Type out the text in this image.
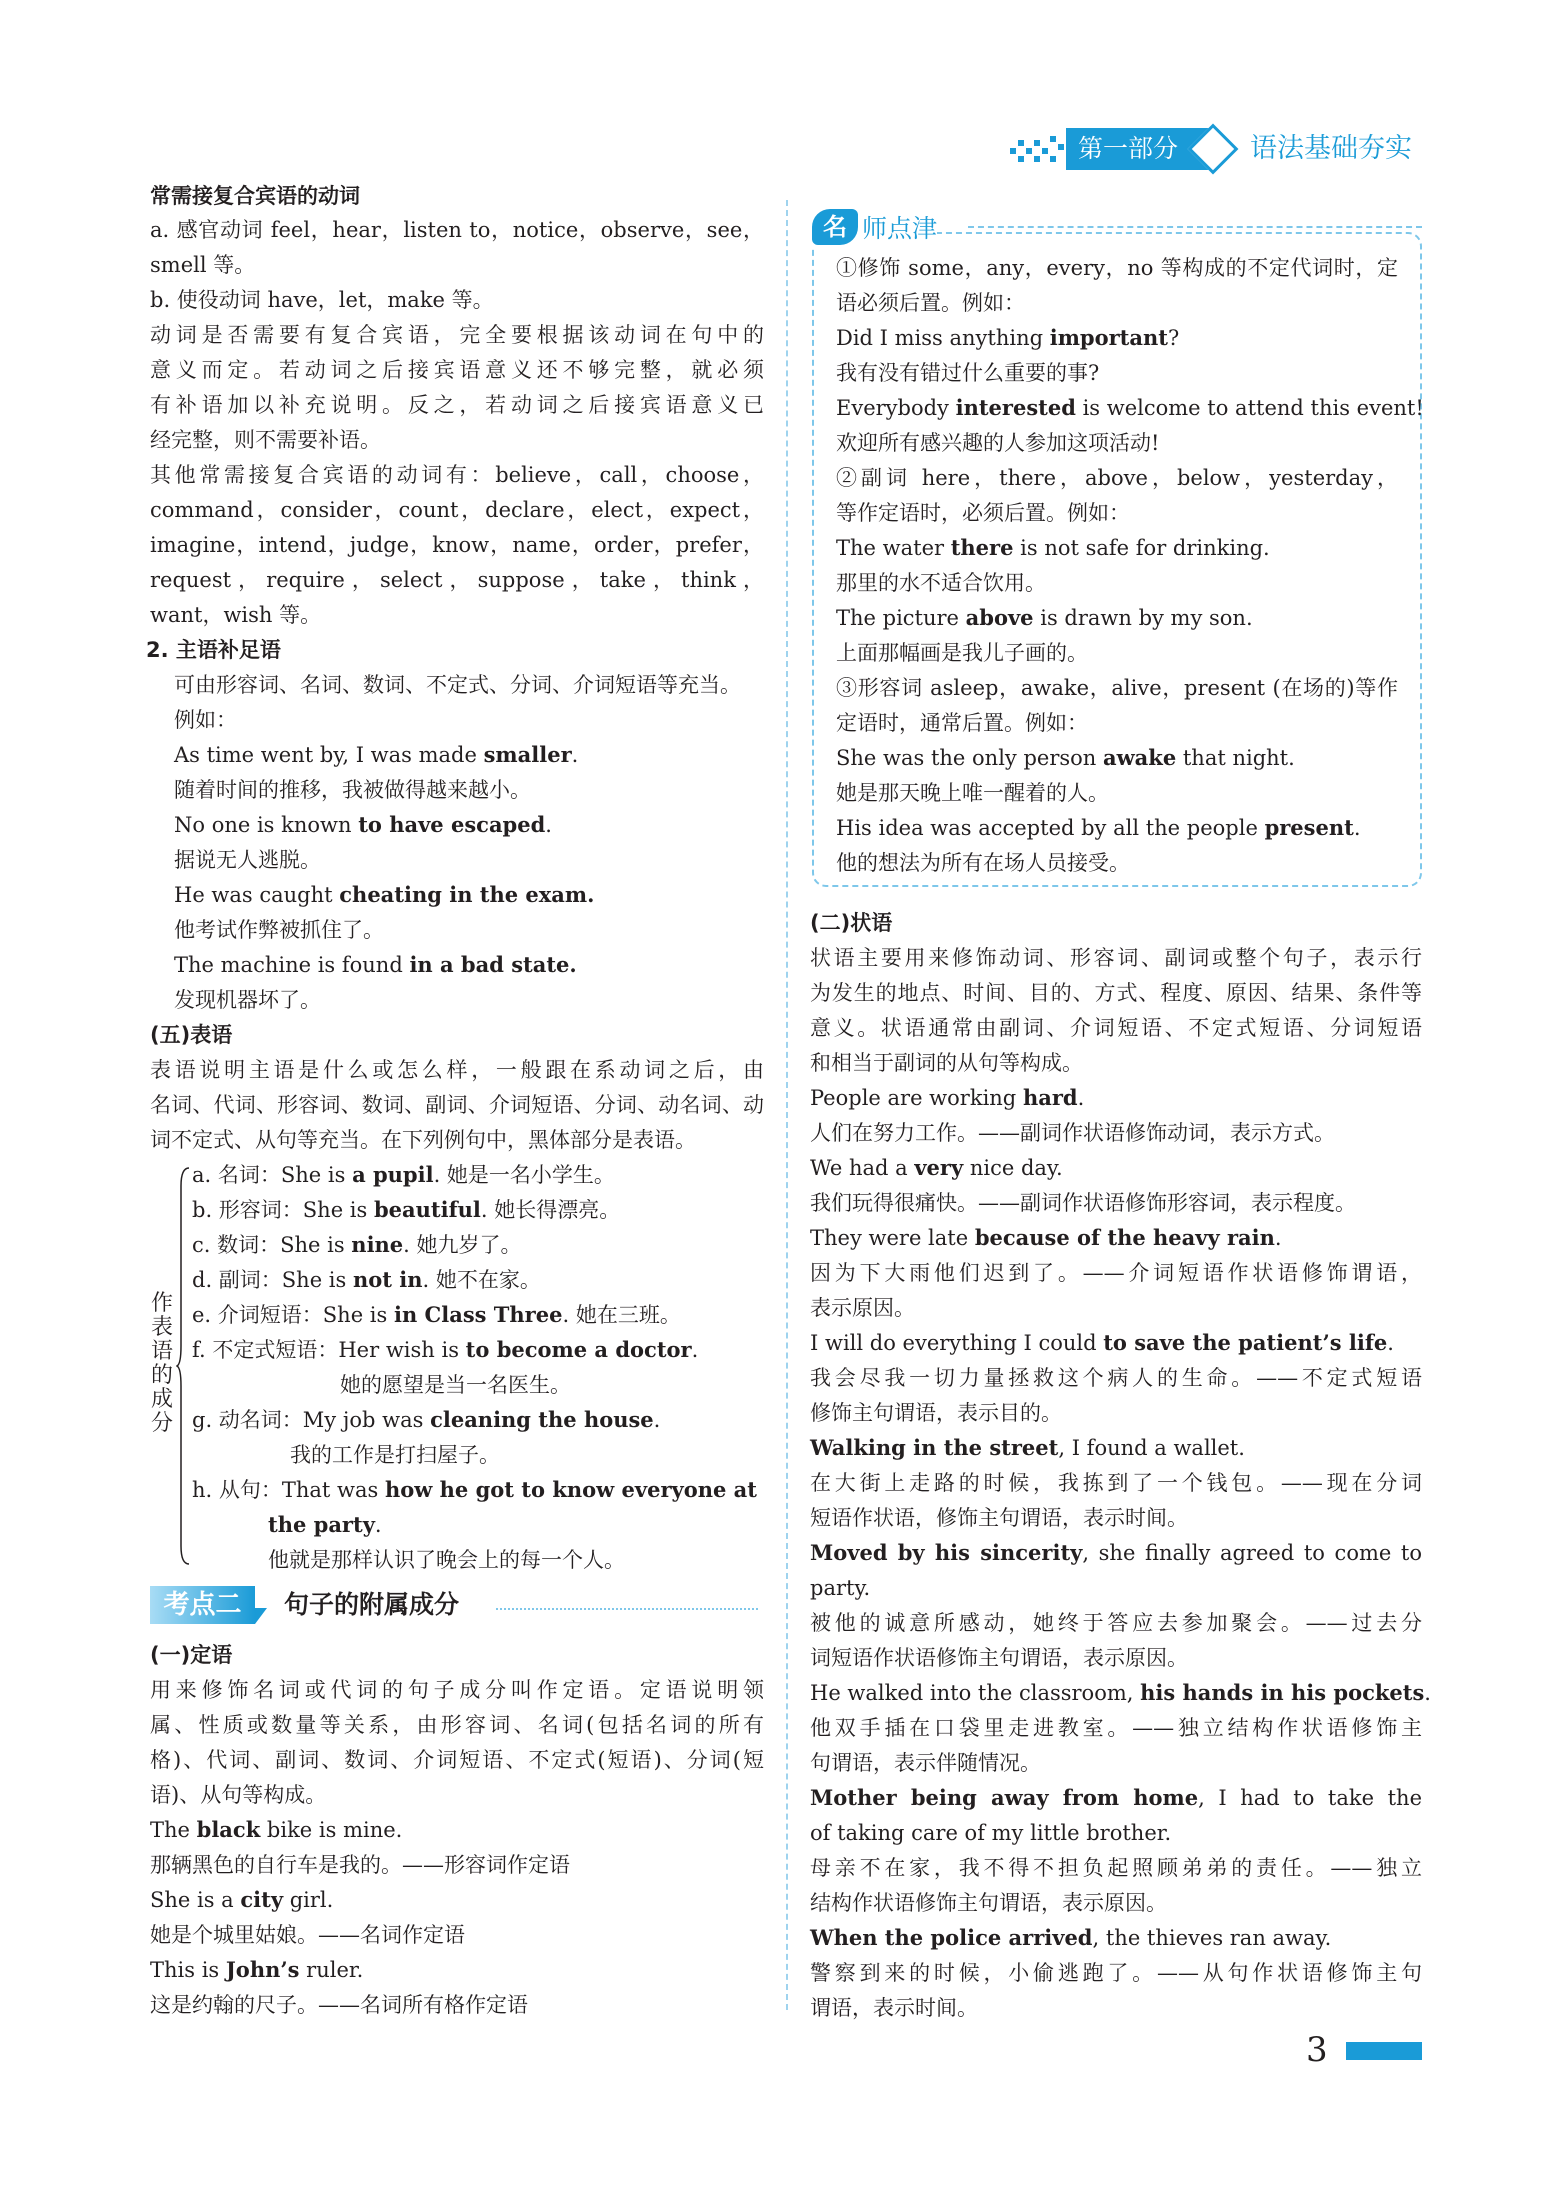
第一部分	语法基础夯实
常需接复合宾语的动词
a. 感官动词 feel，hear，listen to，notice，observe，see，
smell 等。
b. 使役动词 have，let，make 等。
动词是否需要有复合宾语，完全要根据该动词在句中的
意义而定。若动词之后接宾语意义还不够完整，就必须
有补语加以补充说明。反之，若动词之后接宾语意义已
经完整，则不需要补语。
其他常需接复合宾语的动词有：believe，call，choose，
command，consider，count，declare，elect，expect，
imagine，intend，judge，know，name，order，prefer，
request，require，select，suppose，take，think，
want，wish 等。
2. 主语补足语
可由形容词、名词、数词、不定式、分词、介词短语等充当。
例如：
As time went by, I was made smaller.
随着时间的推移，我被做得越来越小。
No one is known to have escaped.
据说无人逃脱。
He was caught cheating in the exam.
他考试作弊被抓住了。
The machine is found in a bad state.
发现机器坏了。
(五)表语
表语说明主语是什么或怎么样，一般跟在系动词之后，由
名词、代词、形容词、数词、副词、介词短语、分词、动名词、动
词不定式、从句等充当。在下列例句中，黑体部分是表语。
a. 名词：She is a pupil. 她是一名小学生。
b. 形容词：She is beautiful. 她长得漂亮。
c. 数词：She is nine. 她九岁了。
d. 副词：She is not in. 她不在家。
e. 介词短语：She is in Class Three. 她在三班。
f. 不定式短语：Her wish is to become a doctor.
她的愿望是当一名医生。
g. 动名词：My job was cleaning the house.
我的工作是打扫屋子。
h. 从句：That was how he got to know everyone at
the party.
他就是那样认识了晚会上的每一个人。
(一)定语
用来修饰名词或代词的句子成分叫作定语。定语说明领
属、性质或数量等关系，由形容词、名词(包括名词的所有
格)、代词、副词、数词、介词短语、不定式(短语)、分词(短
语)、从句等构成。
The black bike is mine.
那辆黑色的自行车是我的。——形容词作定语
She is a city girl.
她是个城里姑娘。——名词作定语
This is John’s ruler.
这是约翰的尺子。——名词所有格作定语
作
表
语
的
成
分
考点二	句子的附属成分
名 师点津
①修饰 some，any，every，no 等构成的不定代词时，定
语必须后置。例如：
Did I miss anything important?
我有没有错过什么重要的事?
Everybody interested is welcome to attend this event!
欢迎所有感兴趣的人参加这项活动!
②副词 here，there，above，below，yesterday，
等作定语时，必须后置。例如：
The water there is not safe for drinking.
那里的水不适合饮用。
The picture above is drawn by my son.
上面那幅画是我儿子画的。
③形容词 asleep，awake，alive，present (在场的)等作
定语时，通常后置。例如：
She was the only person awake that night.
她是那天晚上唯一醒着的人。
His idea was accepted by all the people present.
他的想法为所有在场人员接受。
(二)状语
状语主要用来修饰动词、形容词、副词或整个句子，表示行
为发生的地点、时间、目的、方式、程度、原因、结果、条件等
意义。状语通常由副词、介词短语、不定式短语、分词短语
和相当于副词的从句等构成。
People are working hard.
人们在努力工作。——副词作状语修饰动词，表示方式。
We had a very nice day.
我们玩得很痛快。——副词作状语修饰形容词，表示程度。
They were late because of the heavy rain.
因为下大雨他们迟到了。——介词短语作状语修饰谓语，
表示原因。
I will do everything I could to save the patient’s life.
我会尽我一切力量拯救这个病人的生命。——不定式短语
修饰主句谓语，表示目的。
Walking in the street, I found a wallet.
在大街上走路的时候，我拣到了一个钱包。——现在分词
短语作状语，修饰主句谓语，表示时间。
Moved by his sincerity, she finally agreed to come to
party.
被他的诚意所感动，她终于答应去参加聚会。——过去分
词短语作状语修饰主句谓语，表示原因。
He walked into the classroom, his hands in his pockets.
他双手插在口袋里走进教室。——独立结构作状语修饰主
句谓语，表示伴随情况。
Mother being away from home, I had to take the
of taking care of my little brother.
母亲不在家，我不得不担负起照顾弟弟的责任。——独立
结构作状语修饰主句谓语，表示原因。
When the police arrived, the thieves ran away.
警察到来的时候，小偷逃跑了。——从句作状语修饰主句
谓语，表示时间。
3
